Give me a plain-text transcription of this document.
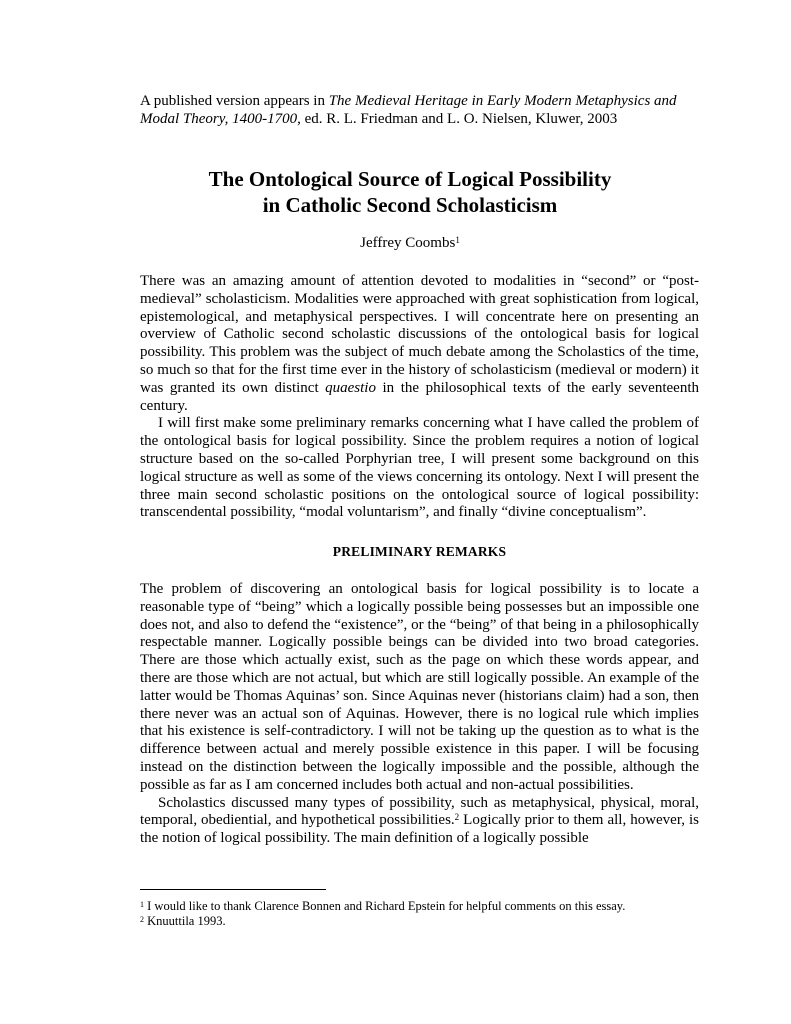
A published version appears in The Medieval Heritage in Early Modern Metaphysics and Modal Theory, 1400-1700, ed. R. L. Friedman and L. O. Nielsen, Kluwer, 2003
The Ontological Source of Logical Possibility
in Catholic Second Scholasticism
Jeffrey Coombs$^1$

There was an amazing amount of attention devoted to modalities in “second” or “post-medieval” scholasticism. Modalities were approached with great sophistication from logical, epistemological, and metaphysical perspectives. I will concentrate here on presenting an overview of Catholic second scholastic discussions of the ontological basis for logical possibility. This problem was the subject of much debate among the Scholastics of the time, so much so that for the first time ever in the history of scholasticism (medieval or modern) it was granted its own distinct quaestio in the philosophical texts of the early seventeenth century.

I will first make some preliminary remarks concerning what I have called the problem of the ontological basis for logical possibility. Since the problem requires a notion of logical structure based on the so-called Porphyrian tree, I will present some background on this logical structure as well as some of the views concerning its ontology. Next I will present the three main second scholastic positions on the ontological source of logical possibility: transcendental possibility, “modal voluntarism”, and finally “divine conceptualism”.

PRELIMINARY REMARKS

The problem of discovering an ontological basis for logical possibility is to locate a reasonable type of “being” which a logically possible being possesses but an impossible one does not, and also to defend the “existence”, or the “being” of that being in a philosophically respectable manner. Logically possible beings can be divided into two broad categories. There are those which actually exist, such as the page on which these words appear, and there are those which are not actual, but which are still logically possible. An example of the latter would be Thomas Aquinas’ son. Since Aquinas never (historians claim) had a son, then there never was an actual son of Aquinas. However, there is no logical rule which implies that his existence is self-contradictory. I will not be taking up the question as to what is the difference between actual and merely possible existence in this paper. I will be focusing instead on the distinction between the logically impossible and the possible, although the possible as far as I am concerned includes both actual and non-actual possibilities.

Scholastics discussed many types of possibility, such as metaphysical, physical, moral, temporal, obediential, and hypothetical possibilities.$^2$ Logically prior to them all, however, is the notion of logical possibility. The main definition of a logically possible

$^1$ I would like to thank Clarence Bonnen and Richard Epstein for helpful comments on this essay.
$^2$ Knuuttila 1993.
